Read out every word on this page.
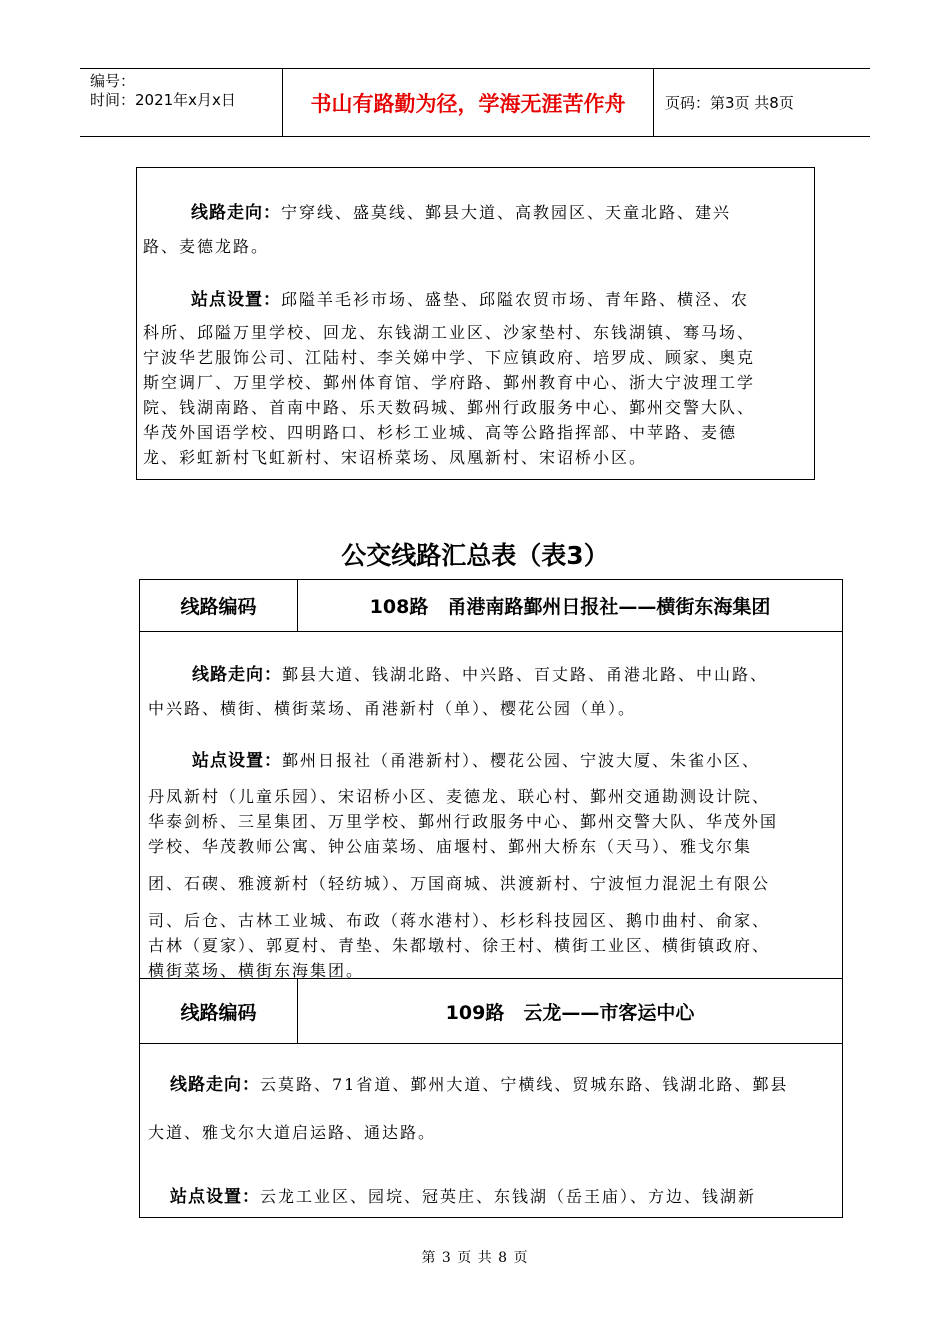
编号：
时间：2021年x月x日	书山有路勤为径，学海无涯苦作舟	页码：第3页 共8页
线路走向：宁穿线、盛莫线、鄞县大道、高教园区、天童北路、建兴
路、麦德龙路。
站点设置：邱隘羊毛衫市场、盛垫、邱隘农贸市场、青年路、横泾、农
科所、邱隘万里学校、回龙、东钱湖工业区、沙家垫村、东钱湖镇、骞马场、
宁波华艺服饰公司、江陆村、李关娣中学、下应镇政府、培罗成、顾家、奥克
斯空调厂、万里学校、鄞州体育馆、学府路、鄞州教育中心、浙大宁波理工学
院、钱湖南路、首南中路、乐天数码城、鄞州行政服务中心、鄞州交警大队、
华茂外国语学校、四明路口、杉杉工业城、高等公路指挥部、中苹路、麦德
龙、彩虹新村飞虹新村、宋诏桥菜场、凤凰新村、宋诏桥小区。
公交线路汇总表（表3）
线路编码	108路　甬港南路鄞州日报社——横街东海集团
线路走向：鄞县大道、钱湖北路、中兴路、百丈路、甬港北路、中山路、
中兴路、横街、横街菜场、甬港新村（单）、樱花公园（单）。
站点设置：鄞州日报社（甬港新村）、樱花公园、宁波大厦、朱雀小区、
丹凤新村（儿童乐园）、宋诏桥小区、麦德龙、联心村、鄞州交通勘测设计院、
华泰剑桥、三星集团、万里学校、鄞州行政服务中心、鄞州交警大队、华茂外国
学校、华茂教师公寓、钟公庙菜场、庙堰村、鄞州大桥东（天马）、雅戈尔集
团、石碶、雅渡新村（轻纺城）、万国商城、洪渡新村、宁波恒力混泥土有限公
司、后仓、古林工业城、布政（蒋水港村）、杉杉科技园区、鹅巾曲村、俞家、
古林（夏家）、郭夏村、青垫、朱都墩村、徐王村、横街工业区、横街镇政府、
横街菜场、横街东海集团。
线路编码	109路　云龙——市客运中心
线路走向：云莫路、71省道、鄞州大道、宁横线、贸城东路、钱湖北路、鄞县
大道、雅戈尔大道启运路、通达路。
站点设置：云龙工业区、园垸、冠英庄、东钱湖（岳王庙）、方边、钱湖新
第 3 页 共 8 页
